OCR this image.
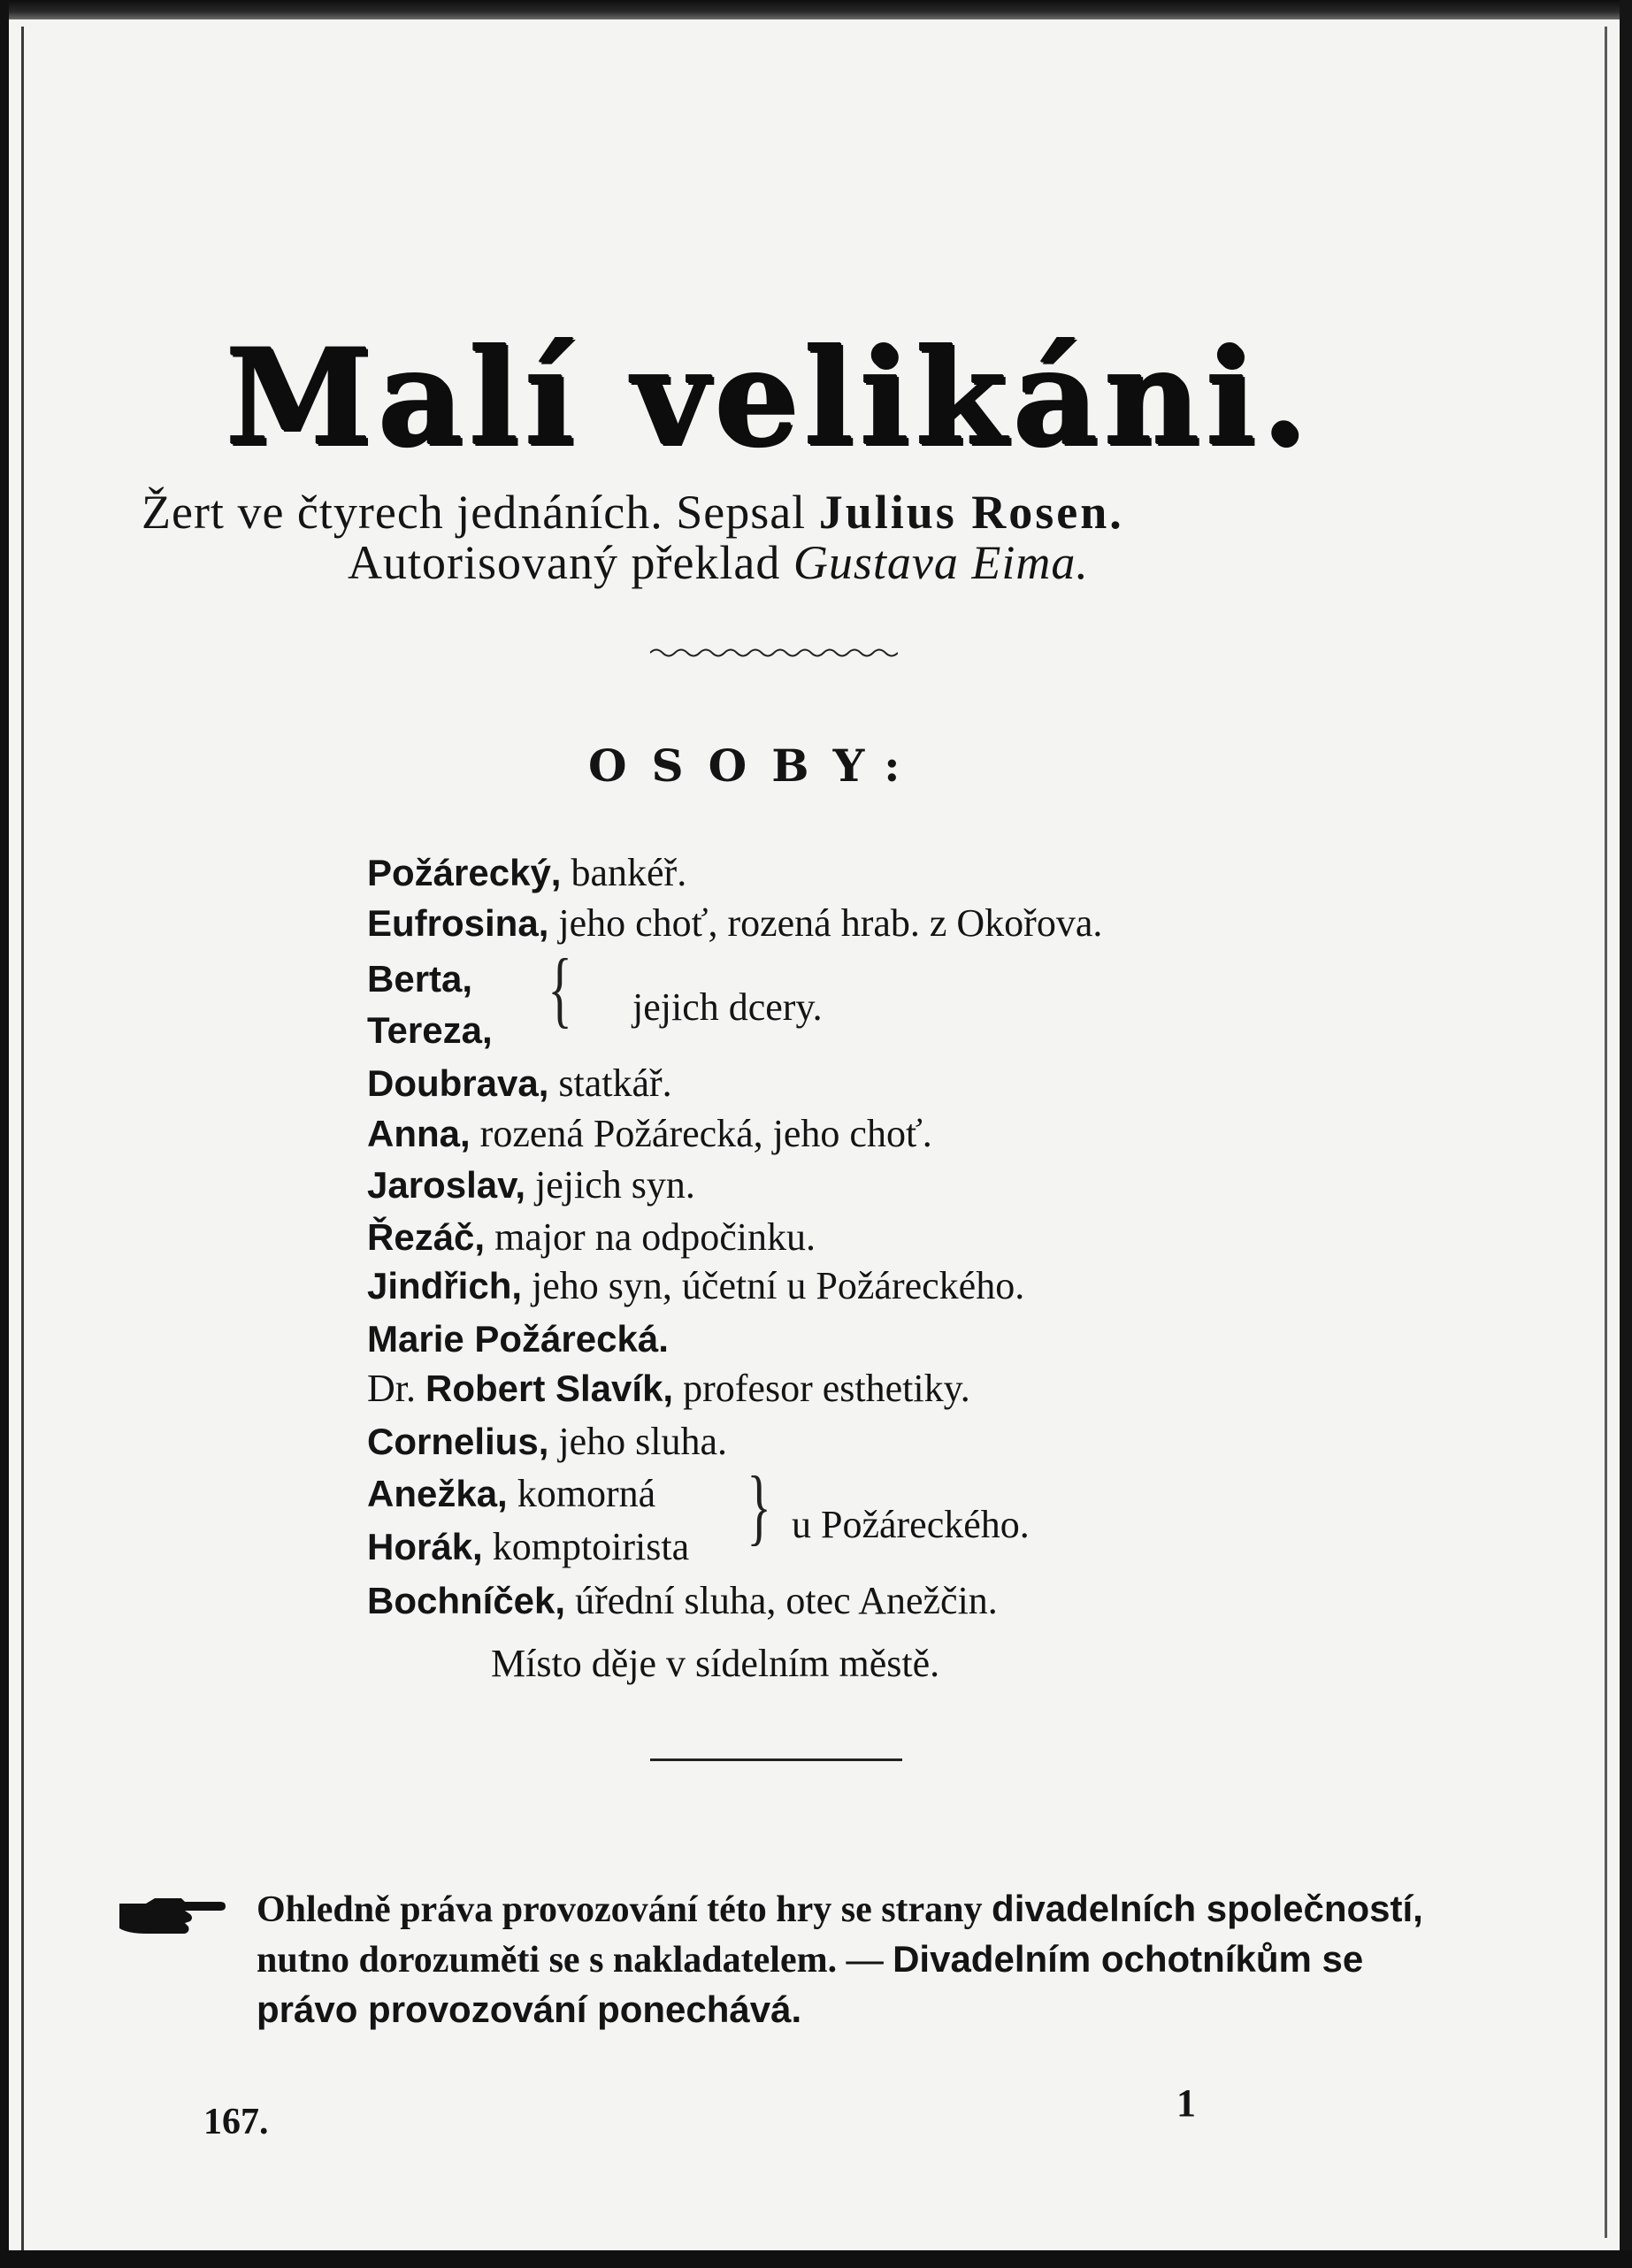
Malí velikáni.
Žert ve čtyrech jednáních. Sepsal Julius Rosen.
Autorisovaný překlad Gustava Eima.
OSOBY:
Požárecký, bankéř.
Eufrosina, jeho choť, rozená hrab. z Okořova.
Berta,
Tereza, { jejich dcery.
Doubrava, statkář.
Anna, rozená Požárecká, jeho choť.
Jaroslav, jejich syn.
Řezáč, major na odpočinku.
Jindřich, jeho syn, účetní u Požáreckého.
Marie Požárecká.
Dr. Robert Slavík, profesor esthetiky.
Cornelius, jeho sluha.
Anežka, komorná
Horák, komptoirista } u Požáreckého.
Bochníček, úřední sluha, otec Anežčin.
Místo děje v sídelním městě.
Ohledně práva provozování této hry se strany divadelních společností, nutno dorozuměti se s nakladatelem. — Divadelním ochotníkům se právo provozování ponechává.
167.	1
